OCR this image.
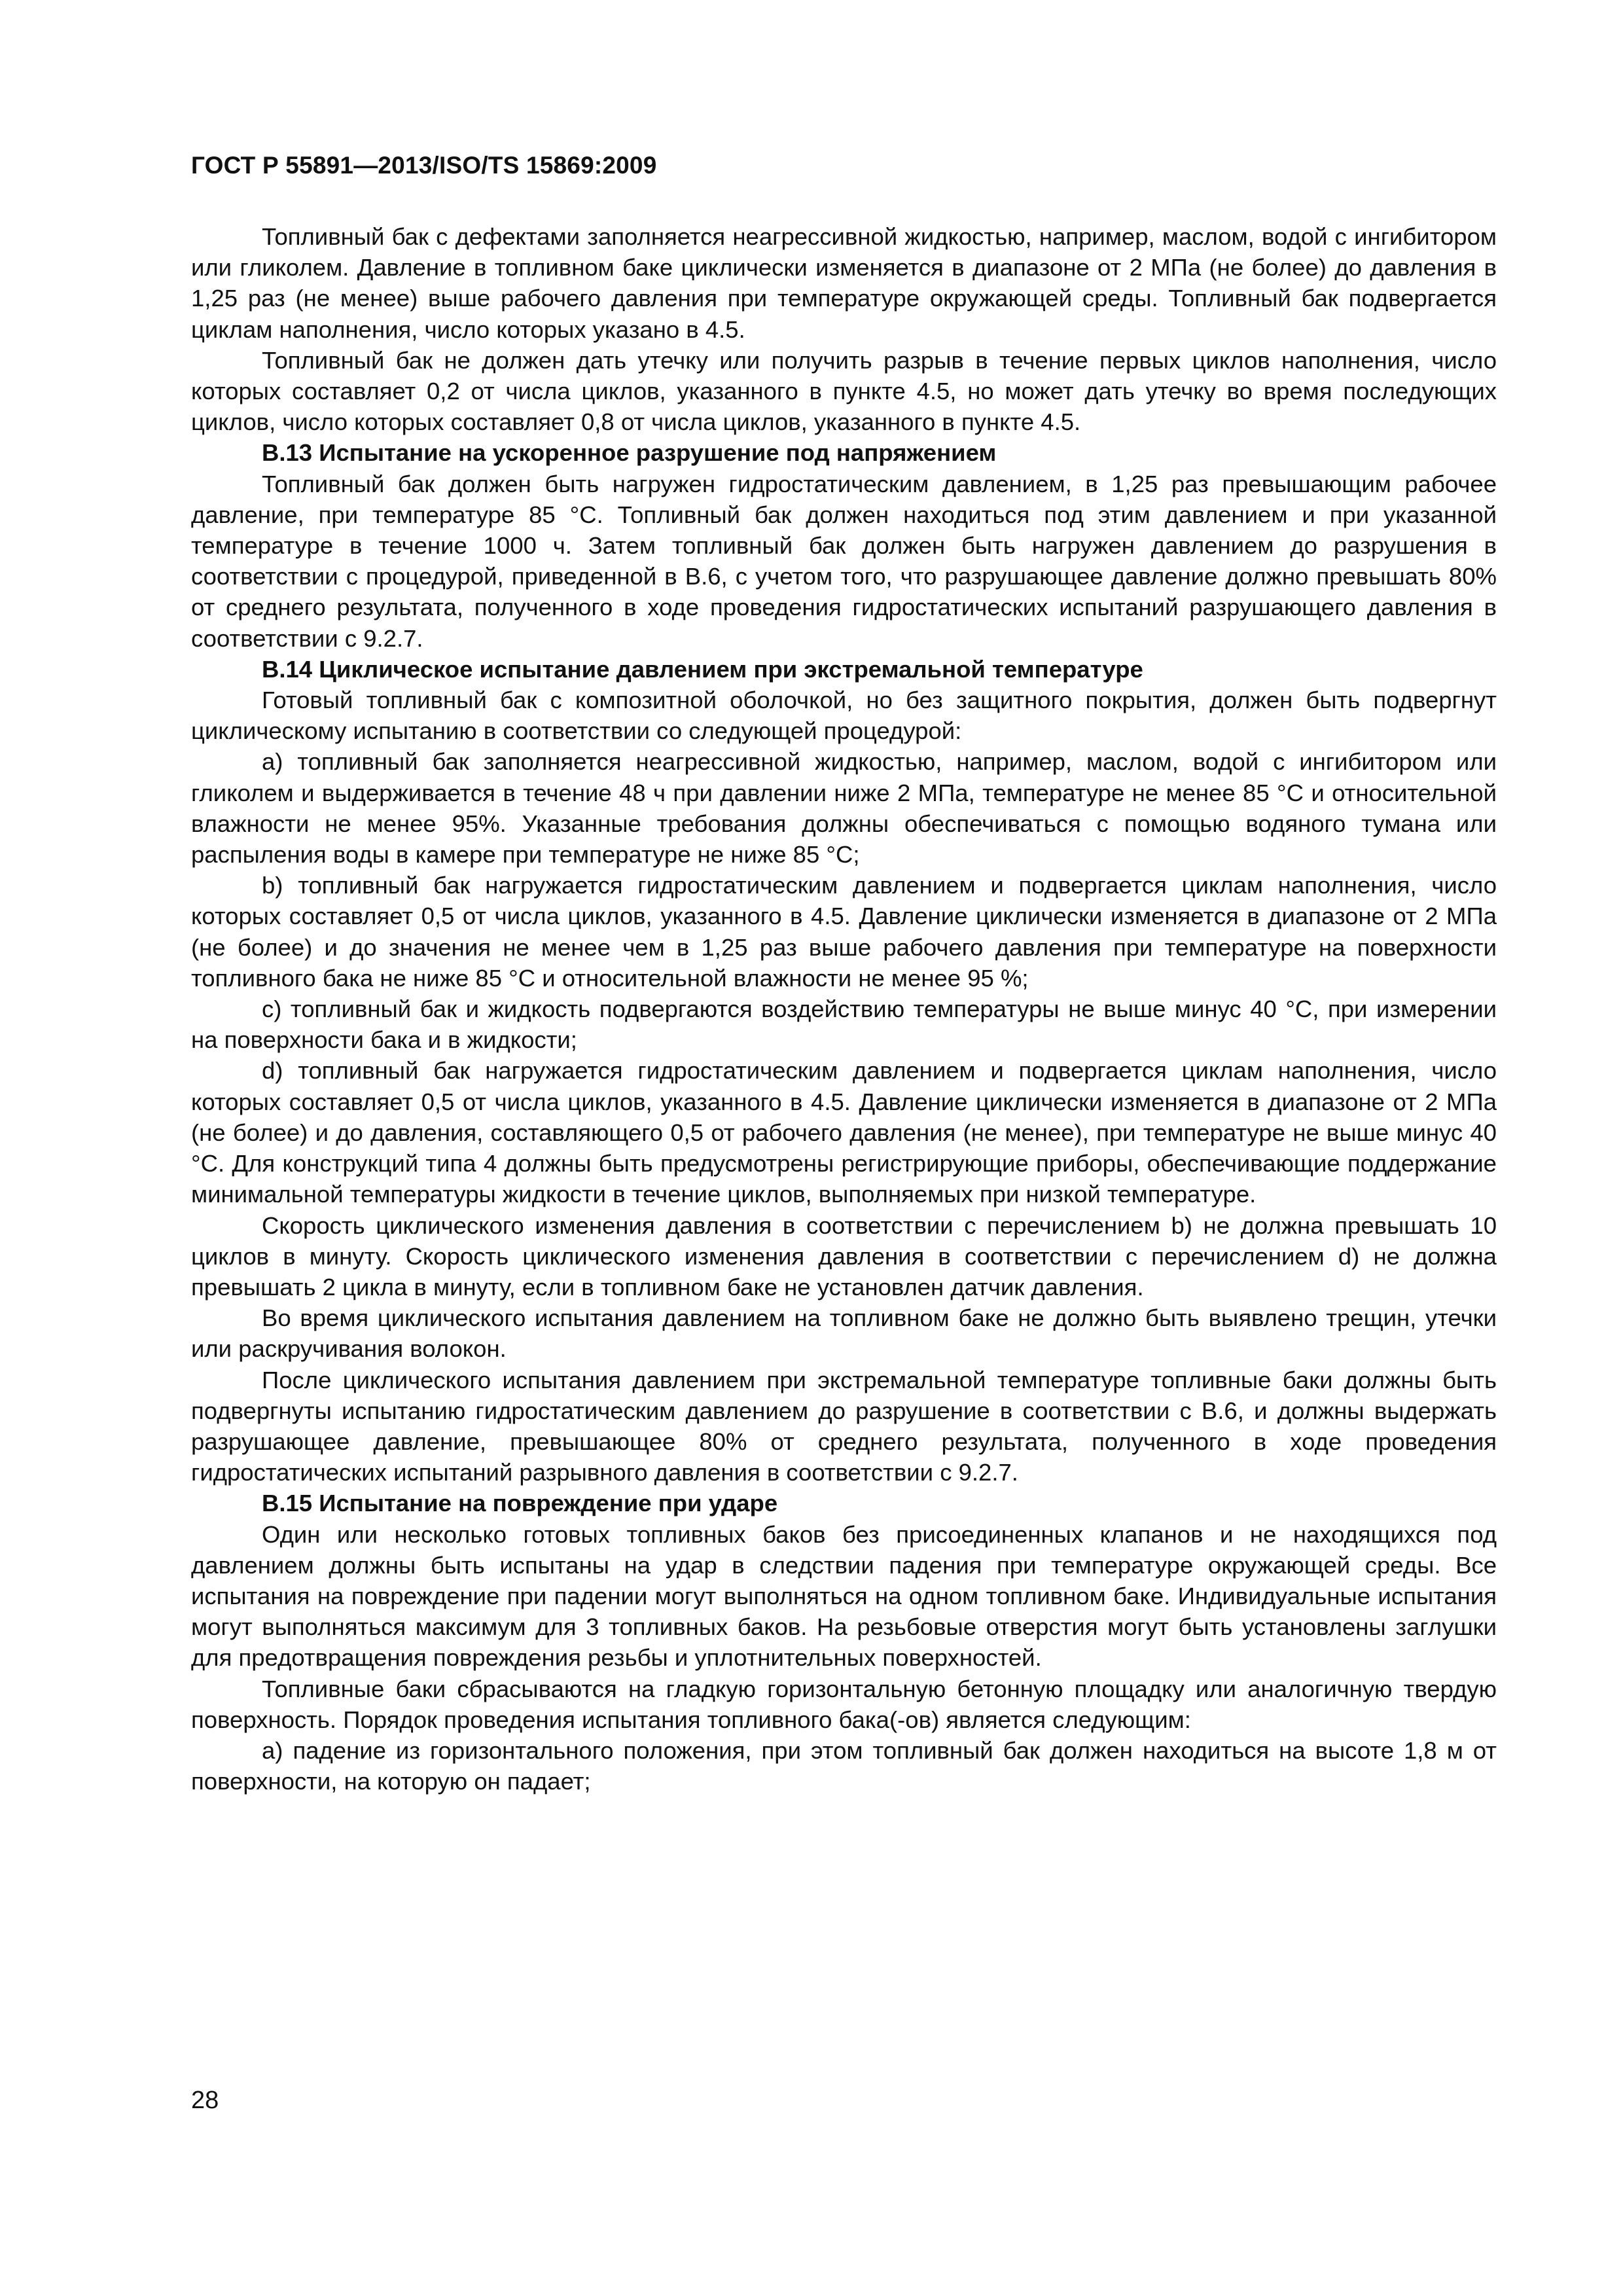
ГОСТ Р 55891—2013/ISO/TS 15869:2009

Топливный бак с дефектами заполняется неагрессивной жидкостью, например, маслом, водой с ингибитором или гликолем. Давление в топливном баке циклически изменяется в диапазоне от 2 МПа (не более) до давления в 1,25 раз (не менее) выше рабочего давления при температуре окружающей среды. Топливный бак подвергается циклам наполнения, число которых указано в 4.5.

Топливный бак не должен дать утечку или получить разрыв в течение первых циклов наполнения, число которых составляет 0,2 от числа циклов, указанного в пункте 4.5, но может дать утечку во время последующих циклов, число которых составляет 0,8 от числа циклов, указанного в пункте 4.5.

В.13 Испытание на ускоренное разрушение под напряжением

Топливный бак должен быть нагружен гидростатическим давлением, в 1,25 раз превышающим рабочее давление, при температуре 85 °С. Топливный бак должен находиться под этим давлением и при указанной температуре в течение 1000 ч. Затем топливный бак должен быть нагружен давлением до разрушения в соответствии с процедурой, приведенной в В.6, с учетом того, что разрушающее давление должно превышать 80% от среднего результата, полученного в ходе проведения гидростатических испытаний разрушающего давления в соответствии с 9.2.7.

В.14 Циклическое испытание давлением при экстремальной температуре

Готовый топливный бак с композитной оболочкой, но без защитного покрытия, должен быть подвергнут циклическому испытанию в соответствии со следующей процедурой:

а) топливный бак заполняется неагрессивной жидкостью, например, маслом, водой с ингибитором или гликолем и выдерживается в течение 48 ч при давлении ниже 2 МПа, температуре не менее 85 °С и относительной влажности не менее 95%. Указанные требования должны обеспечиваться с помощью водяного тумана или распыления воды в камере при температуре не ниже 85 °С;

b) топливный бак нагружается гидростатическим давлением и подвергается циклам наполнения, число которых составляет 0,5 от числа циклов, указанного в 4.5. Давление циклически изменяется в диапазоне от 2 МПа (не более) и до значения не менее чем в 1,25 раз выше рабочего давления при температуре на поверхности топливного бака не ниже 85 °С и относительной влажности не менее 95 %;

с) топливный бак и жидкость подвергаются воздействию температуры не выше минус 40 °С, при измерении на поверхности бака и в жидкости;

d) топливный бак нагружается гидростатическим давлением и подвергается циклам наполнения, число которых составляет 0,5 от числа циклов, указанного в 4.5. Давление циклически изменяется в диапазоне от 2 МПа (не более) и до давления, составляющего 0,5 от рабочего давления (не менее), при температуре не выше минус 40 °С. Для конструкций типа 4 должны быть предусмотрены регистрирующие приборы, обеспечивающие поддержание минимальной температуры жидкости в течение циклов, выполняемых при низкой температуре.

Скорость циклического изменения давления в соответствии с перечислением b) не должна превышать 10 циклов в минуту. Скорость циклического изменения давления в соответствии с перечислением d) не должна превышать 2 цикла в минуту, если в топливном баке не установлен датчик давления.

Во время циклического испытания давлением на топливном баке не должно быть выявлено трещин, утечки или раскручивания волокон.

После циклического испытания давлением при экстремальной температуре топливные баки должны быть подвергнуты испытанию гидростатическим давлением до разрушение в соответствии с В.6, и должны выдержать разрушающее давление, превышающее 80% от среднего результата, полученного в ходе проведения гидростатических испытаний разрывного давления в соответствии с 9.2.7.

В.15 Испытание на повреждение при ударе

Один или несколько готовых топливных баков без присоединенных клапанов и не находящихся под давлением должны быть испытаны на удар в следствии падения при температуре окружающей среды. Все испытания на повреждение при падении могут выполняться на одном топливном баке. Индивидуальные испытания могут выполняться максимум для 3 топливных баков. На резьбовые отверстия могут быть установлены заглушки для предотвращения повреждения резьбы и уплотнительных поверхностей.

Топливные баки сбрасываются на гладкую горизонтальную бетонную площадку или аналогичную твердую поверхность. Порядок проведения испытания топливного бака(-ов) является следующим:

а) падение из горизонтального положения, при этом топливный бак должен находиться на высоте 1,8 м от поверхности, на которую он падает;

28
